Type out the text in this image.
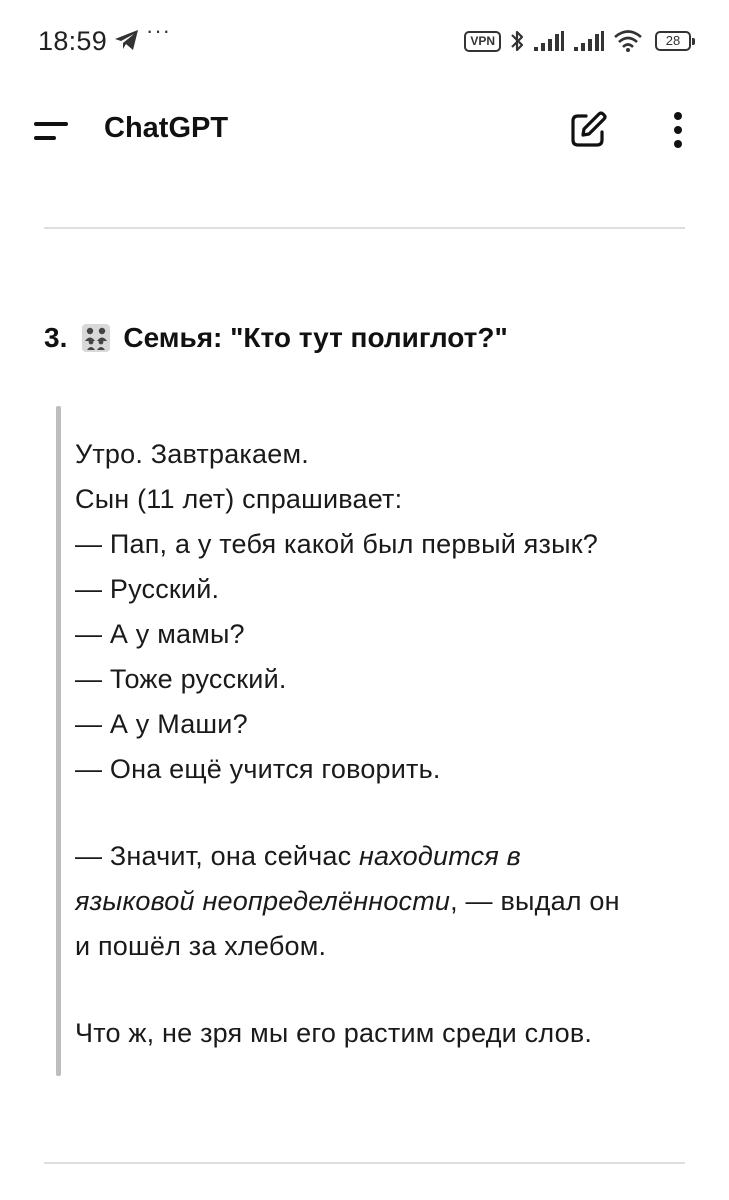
18:59 ···	VPN	28
ChatGPT
3. Семья: "Кто тут полиглот?"
Утро. Завтракаем.
Сын (11 лет) спрашивает:
— Пап, а у тебя какой был первый язык?
— Русский.
— А у мамы?
— Тоже русский.
— А у Маши?
— Она ещё учится говорить.
— Значит, она сейчас находится в
языковой неопределённости, — выдал он
и пошёл за хлебом.
Что ж, не зря мы его растим среди слов.
